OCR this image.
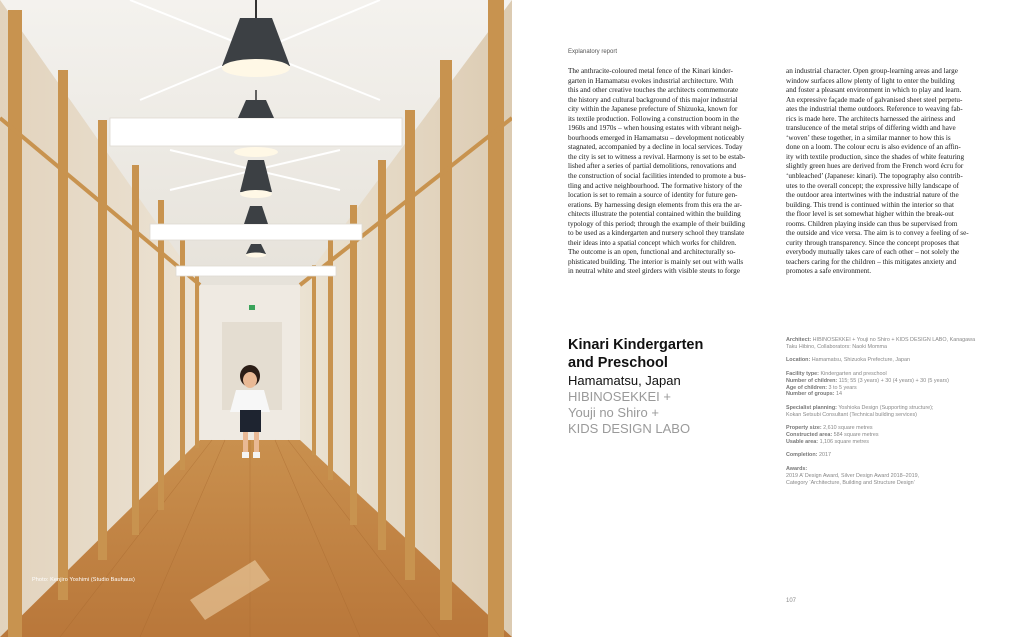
Photo: Kenjiro Yoshimi (Studio Bauhaus)
Explanatory report
The anthracite-coloured metal fence of the Kinari kinder-
garten in Hamamatsu evokes industrial architecture. With
this and other creative touches the architects commemorate
the history and cultural background of this major industrial
city within the Japanese prefecture of Shizuoka, known for
its textile production. Following a construction boom in the
1960s and 1970s – when housing estates with vibrant neigh-
bourhoods emerged in Hamamatsu – development noticeably
stagnated, accompanied by a decline in local services. Today
the city is set to witness a revival. Harmony is set to be estab-
lished after a series of partial demolitions, renovations and
the construction of social facilities intended to promote a bus-
tling and active neighbourhood. The formative history of the
location is set to remain a source of identity for future gen-
erations. By harnessing design elements from this era the ar-
chitects illustrate the potential contained within the building
typology of this period; through the example of their building
to be used as a kindergarten and nursery school they translate
their ideas into a spatial concept which works for children.
The outcome is an open, functional and architecturally so-
phisticated building. The interior is mainly set out with walls
in neutral white and steel girders with visible steuts to forge
an industrial character. Open group-learning areas and large
window surfaces allow plenty of light to enter the building
and foster a pleasant environment in which to play and learn.
An expressive façade made of galvanised sheet steel perpetu-
ates the industrial theme outdoors. Reference to weaving fab-
rics is made here. The architects harnessed the airiness and
translucence of the metal strips of differing width and have
‘woven’ these together, in a similar manner to how this is
done on a loom. The colour ecru is also evidence of an affin-
ity with textile production, since the shades of white featuring
slightly green hues are derived from the French word écru for
‘unbleached’ (Japanese: kinari). The topography also contrib-
utes to the overall concept; the expressive hilly landscape of
the outdoor area intertwines with the industrial nature of the
building. This trend is continued within the interior so that
the floor level is set somewhat higher within the break-out
rooms. Children playing inside can thus be supervised from
the outside and vice versa. The aim is to convey a feeling of se-
curity through transparency. Since the concept proposes that
everybody mutually takes care of each other – not solely the
teachers caring for the children – this mitigates anxiety and
promotes a safe environment.
Kinari Kindergarten
and Preschool
Hamamatsu, Japan
HIBINOSEKKEI +
Youji no Shiro +
KIDS DESIGN LABO
Architect: HIBINOSEKKEI + Youji no Shiro + KIDS DESIGN LABO, Kanagawa
Taku Hibino, Collaborators: Naoki Momma
Location: Hamamatsu, Shizuoka Prefecture, Japan
Facility type: Kindergarten and preschool
Number of children: 115; 55 (3 years) + 30 (4 years) + 30 (5 years)
Age of children: 3 to 5 years
Number of groups: 14
Specialist planning: Yoshioka Design (Supporting structure);
Kokan Setsubi Consultant (Technical building services)
Property size: 2,610 square metres
Constructed area: 584 square metres
Usable area: 1,106 square metres
Completion: 2017
Awards:
2019 A’ Design Award, Silver Design Award 2018–2019,
Category ‘Architecture, Building and Structure Design’
107
